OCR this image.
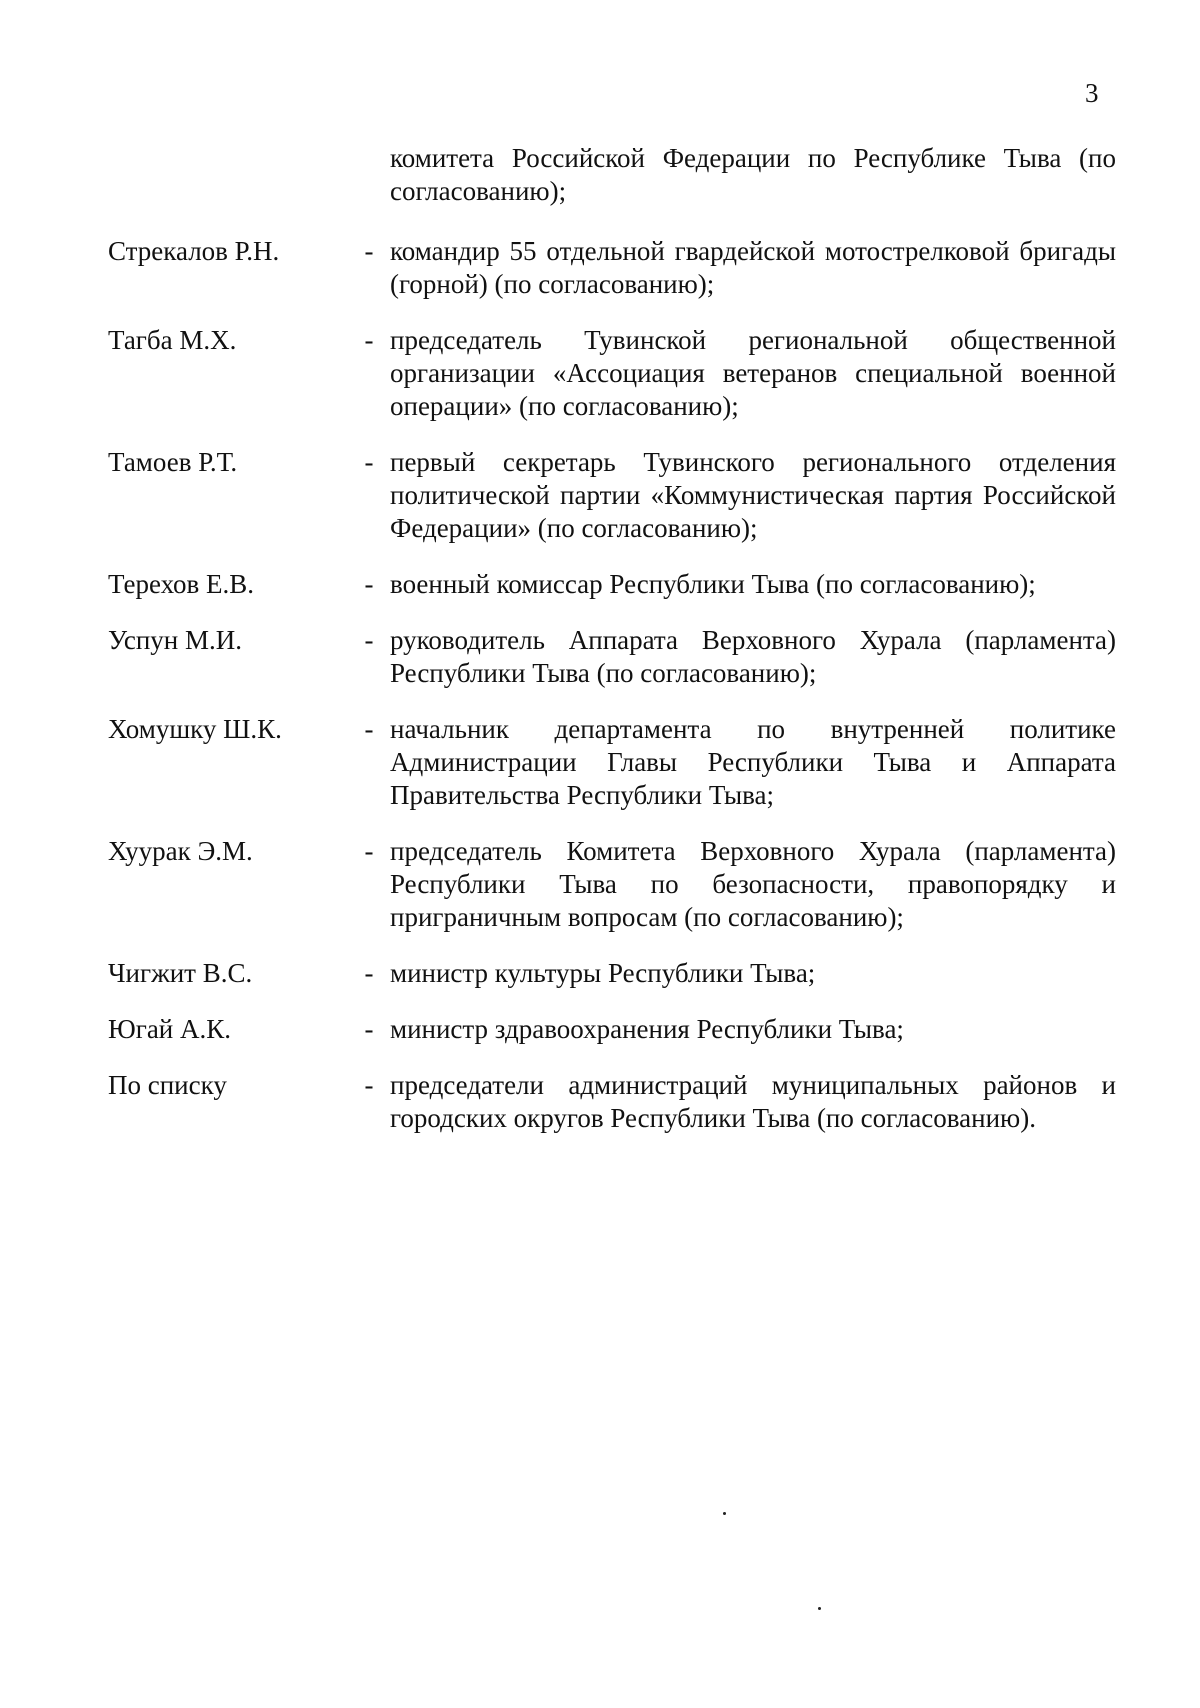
3
комитета Российской Федерации по Республике Тыва (по согласованию);
Стрекалов Р.Н.	- командир 55 отдельной гвардейской мотострелковой бригады (горной) (по согласованию);
Тагба М.Х.	- председатель Тувинской региональной общественной организации «Ассоциация ветеранов специальной военной операции» (по согласованию);
Тамоев Р.Т.	- первый секретарь Тувинского регионального отделения политической партии «Коммунистическая партия Российской Федерации» (по согласованию);
Терехов Е.В.	- военный комиссар Республики Тыва (по согласованию);
Успун М.И.	- руководитель Аппарата Верховного Хурала (парламента) Республики Тыва (по согласованию);
Хомушку Ш.К.	- начальник департамента по внутренней политике Администрации Главы Республики Тыва и Аппарата Правительства Республики Тыва;
Хуурак Э.М.	- председатель Комитета Верховного Хурала (парламента) Республики Тыва по безопасности, правопорядку и приграничным вопросам (по согласованию);
Чигжит В.С.	- министр культуры Республики Тыва;
Югай А.К.	- министр здравоохранения Республики Тыва;
По списку	- председатели администраций муниципальных районов и городских округов Республики Тыва (по согласованию).
